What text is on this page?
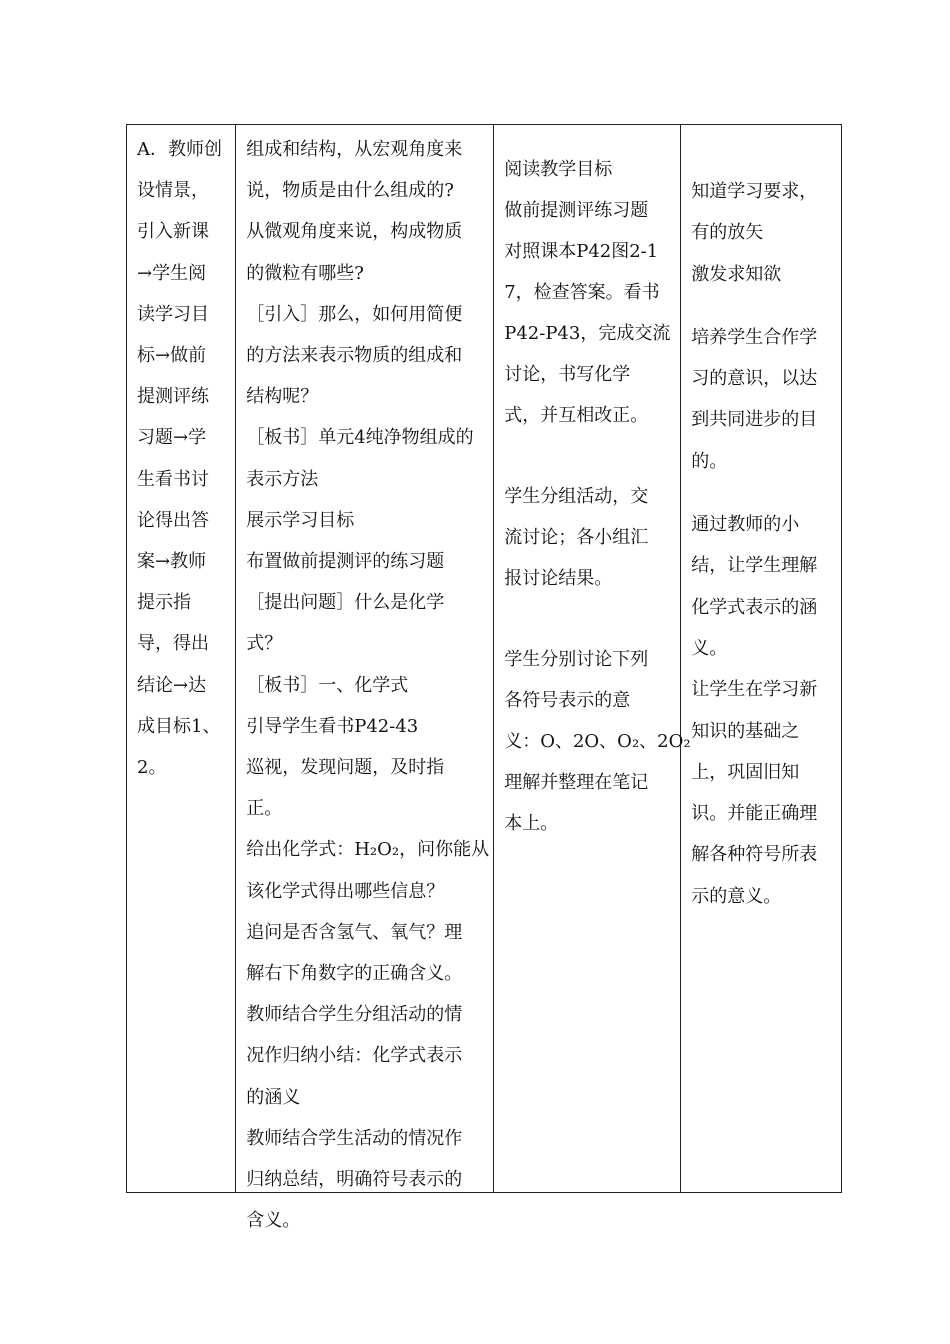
A．教师创
设情景，
引入新课
→学生阅
读学习目
标→做前
提测评练
习题→学
生看书讨
论得出答
案→教师
提示指
导，得出
结论→达
成目标1、
2。
组成和结构，从宏观角度来
说，物质是由什么组成的?
从微观角度来说，构成物质
的微粒有哪些?
［引入］那么，如何用简便
的方法来表示物质的组成和
结构呢？
［板书］单元4纯净物组成的
表示方法
展示学习目标
布置做前提测评的练习题
［提出问题］什么是化学
式？
［板书］一、化学式
引导学生看书P42-43
巡视，发现问题，及时指
正。
给出化学式：H₂O₂，问你能从
该化学式得出哪些信息？
追问是否含氢气、氧气？理
解右下角数字的正确含义。
教师结合学生分组活动的情
况作归纳小结：化学式表示
的涵义
教师结合学生活动的情况作
归纳总结，明确符号表示的
含义。
阅读教学目标
做前提测评练习题
对照课本P42图2-1
7，检查答案。看书
P42-P43，完成交流
讨论，书写化学
式，并互相改正。
学生分组活动，交
流讨论；各小组汇
报讨论结果。
学生分别讨论下列
各符号表示的意
义：O、2O、O₂、2O₂
理解并整理在笔记
本上。
知道学习要求，
有的放矢
激发求知欲
培养学生合作学
习的意识，以达
到共同进步的目
的。
通过教师的小
结，让学生理解
化学式表示的涵
义。
让学生在学习新
知识的基础之
上，巩固旧知
识。并能正确理
解各种符号所表
示的意义。
